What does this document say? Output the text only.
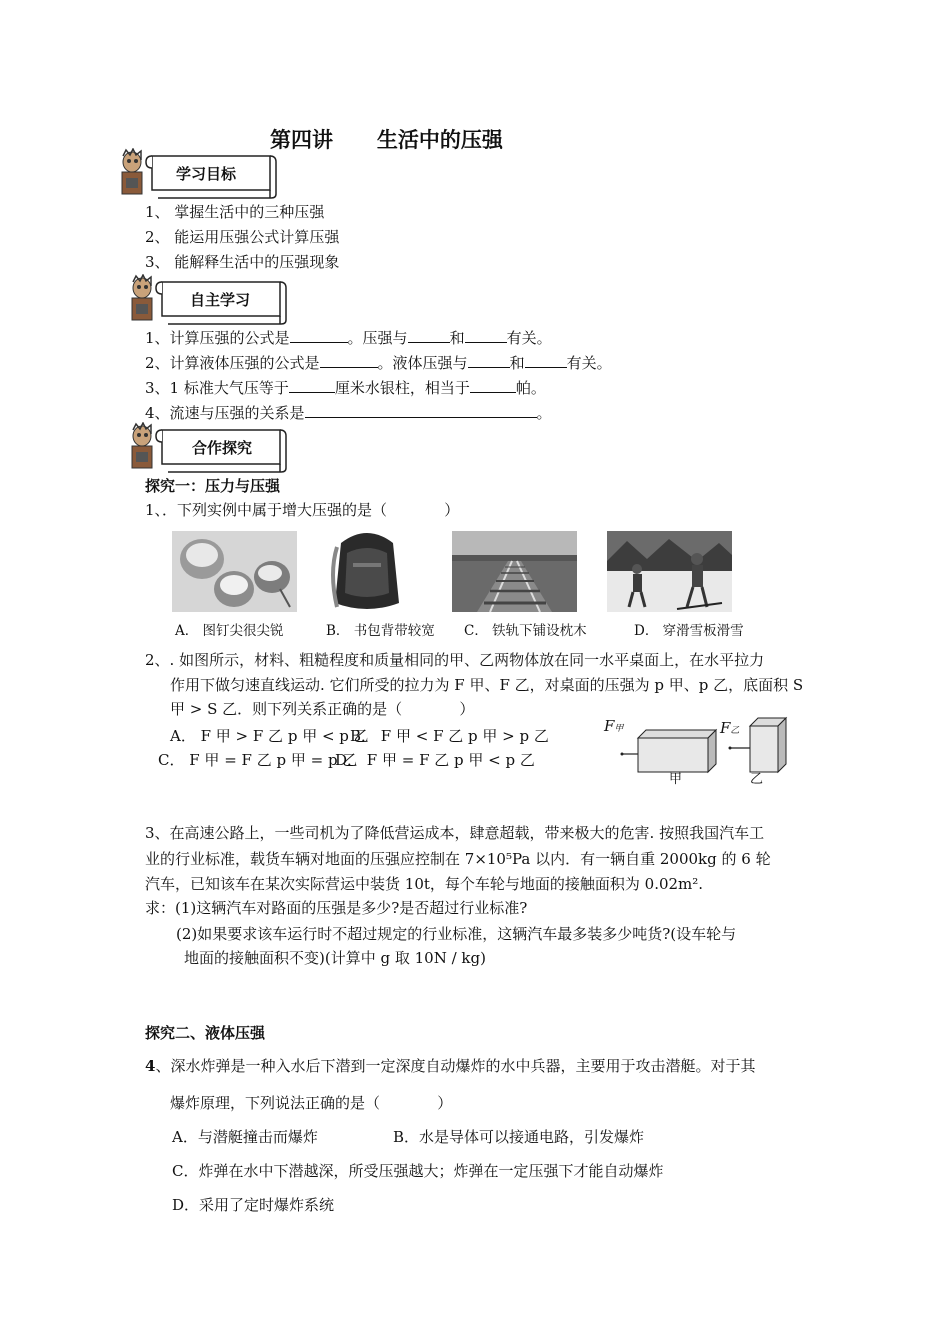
第四讲      生活中的压强
学习目标
1、 掌握生活中的三种压强
2、 能运用压强公式计算压强
3、 能解释生活中的压强现象
自主学习
1、计算压强的公式是	。压强与	和	有关。
2、计算液体压强的公式是	。液体压强与	和	有关。
3、1 标准大气压等于	厘米水银柱，相当于	帕。
4、流速与压强的关系是	。
合作探究
探究一：压力与压强
1、．下列实例中属于增大压强的是（            ）
A． 图钉尖很尖锐	B． 书包背带较宽 C． 铁轨下铺设枕木	D． 穿滑雪板滑雪
2、. 如图所示，材料、粗糙程度和质量相同的甲、乙两物体放在同一水平桌面上，在水平拉力
作用下做匀速直线运动. 它们所受的拉力为 F 甲、F 乙，对桌面的压强为 p 甲、p 乙，底面积 S
甲 > S 乙．则下列关系正确的是（            ）
A． F 甲 > F 乙 p 甲 < p 乙
B． F 甲 < F 乙 p 甲 > p 乙
C． F 甲 = F 乙 p 甲 = p 乙
D． F 甲 = F 乙 p 甲 < p 乙
F甲	F乙
甲	乙
3、在高速公路上，一些司机为了降低营运成本，肆意超载，带来极大的危害. 按照我国汽车工
业的行业标准，载货车辆对地面的压强应控制在 7×10⁵Pa 以内．有一辆自重 2000kg 的 6 轮
汽车，已知该车在某次实际营运中装货 10t，每个车轮与地面的接触面积为 0.02m².
求：(1)这辆汽车对路面的压强是多少?是否超过行业标准?
(2)如果要求该车运行时不超过规定的行业标准，这辆汽车最多装多少吨货?(设车轮与
地面的接触面积不变)(计算中 g 取 10N / kg)
探究二、液体压强
4、深水炸弹是一种入水后下潜到一定深度自动爆炸的水中兵器，主要用于攻击潜艇。对于其
爆炸原理，下列说法正确的是（            ）
A．与潜艇撞击而爆炸	B．水是导体可以接通电路，引发爆炸
C．炸弹在水中下潜越深，所受压强越大；炸弹在一定压强下才能自动爆炸
D．采用了定时爆炸系统
